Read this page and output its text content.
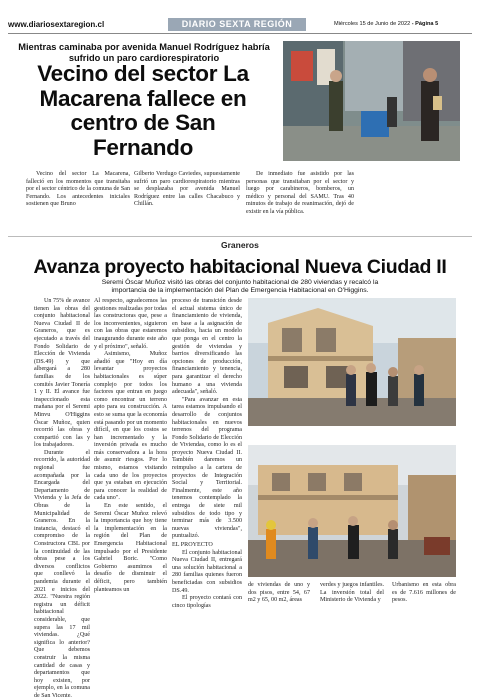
www.diariosextaregion.cl	DIARIO SEXTA REGIÓN	Miércoles 15 de Junio de 2022 - Página 5
Mientras caminaba por avenida Manuel Rodríguez habría sufrido un paro cardiorespiratorio
Vecino del sector La Macarena fallece en centro de San Fernando

Vecino del sector La Macarena, falleció en los momentos que transitaba por el sector céntrico de la comuna de San Fernando. Los antecedentes iniciales sostienen que Bruno

Gilberto Verdugo Caviedes, supuestamente sufrió un paro cardiorespiratorio mientras se desplazaba por avenida Manuel Rodríguez entre las calles Chacabuco y Chillán.

De inmediato fue asistido por las personas que transitaban por el sector y luego por carabineros, bomberos, un médico y personal del SAMU. Tras 40 minutos de trabajo de reanimación, dejó de existir en la vía pública.

Graneros
Avanza proyecto habitacional Nueva Ciudad II
Seremi Óscar Muñoz visitó las obras del conjunto habitacional de 280 viviendas y recalcó la importancia de la implementación del Plan de Emergencia Habitacional en O'Higgins.

Un 75% de avance tienen las obras del conjunto habitacional Nueva Ciudad II de Graneros, que es ejecutado a través del Fondo Solidario de Elección de Vivienda (DS.49) y que albergará a 280 familias de los comités Javier Tonería 1 y II. El avance fue inspeccionado esta mañana por el Seremi Minvu O'Higgins Óscar Muñoz, quien recorrió las obras y compartió con las y los trabajadores.

Durante el recorrido, la autoridad regional fue acompañada por la Encargada del Departamento de Vivienda y la Jefa de Obras de la Municipalidad de Graneros. En la instancia, destacó el compromiso de la Constructora CBL por la continuidad de las obras pese a los diversos conflictos que conllevó la pandemia durante el 2021 e inicios del 2022. "Nuestra región registra un déficit habitacional considerable, que supera las 17 mil viviendas. ¿Qué significa lo anterior? Que debemos construir la misma cantidad de casas y departamentos que hoy existen, por ejemplo, en la comuna de San Vicente.

Al respecto, agradecemos las gestiones realizadas por todas las constructoras que, pese a los inconvenientes, siguieron con las obras que estaremos inaugurando durante este año y el próximo", señaló.

Asimismo, Muñoz añadió que "Hoy en día levantar proyectos habitacionales es súper complejo por todos los factores que entran en juego como encontrar un terreno apto para su construcción. A esto se suma que la economía está pasando por un momento difícil, en que los costos se han incrementado y la inversión privada es mucho más conservadora a la hora de asumir riesgos. Por lo mismo, estamos visitando cada uno de los proyectos que ya estaban en ejecución para conocer la realidad de cada uno".

En este sentido, el Seremi Óscar Muñoz relevó la importancia que hoy tiene la implementación en la región del Plan de Emergencia Habitacional impulsado por el Presidente Gabriel Boric. "Como Gobierno asumimos el desafío de disminuir el déficit, pero también planteamos un

proceso de transición desde el actual sistema único de financiamiento de vivienda, en base a la asignación de subsidios, hacia un modelo que ponga en el centro la gestión de viviendas y barrios diversificando las opciones de producción, financiamiento y tenencia, para garantizar el derecho humano a una vivienda adecuada", señaló.

"Para avanzar en esta tarea estamos impulsando el desarrollo de conjuntos habitacionales en nuevos terrenos del programa Fondo Solidario de Elección de Viviendas, como lo es el proyecto Nueva Ciudad II. También daremos un reimpulso a la cartera de proyectos de Integración Social y Territorial. Finalmente, este año tenemos contemplado la entrega de siete mil subsidios de todo tipo y terminar más de 3.500 nuevas viviendas", puntualizó.

EL PROYECTO

El conjunto habitacional Nueva Ciudad II, entregará una solución habitacional a 280 familias quienes fueron beneficiadas con subsidios DS.49.

El proyecto contará con cinco tipologías

de viviendas de uno y dos pisos, entre 54, 67 m2 y 65, 00 m2, áreas

verdes y juegos infantiles. La inversión total del Ministerio de Vivienda y

Urbanismo en esta obra es de 7.616 millones de pesos.
